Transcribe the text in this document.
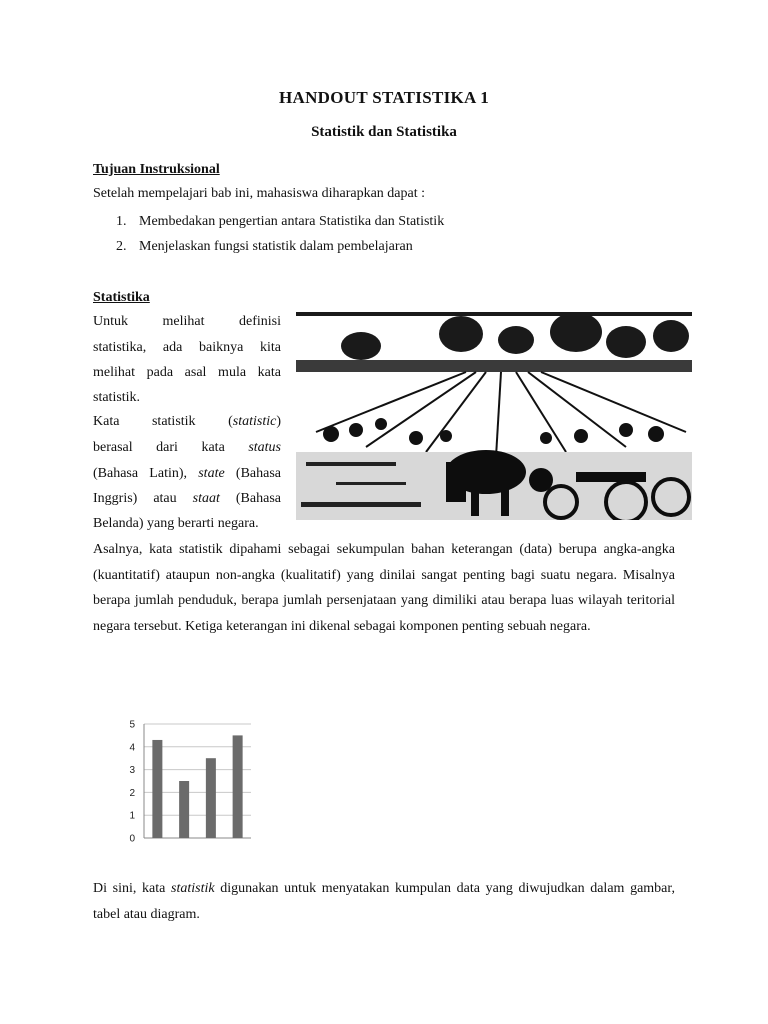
HANDOUT STATISTIKA 1
Statistik dan Statistika
Tujuan Instruksional
Setelah mempelajari bab ini, mahasiswa diharapkan dapat :
1. Membedakan pengertian antara Statistika dan Statistik
2. Menjelaskan fungsi statistik dalam pembelajaran
Statistika
Untuk melihat definisi
statistika, ada baiknya kita
melihat pada asal mula kata
statistik.
Kata statistik (statistic)
berasal dari kata status
(Bahasa Latin), state (Bahasa
Inggris) atau staat (Bahasa
Belanda) yang berarti negara.
Asalnya, kata statistik dipahami sebagai sekumpulan bahan keterangan (data) berupa angka-angka (kuantitatif) ataupun non-angka (kualitatif) yang dinilai sangat penting bagi suatu negara. Misalnya berapa jumlah penduduk, berapa jumlah persenjataan yang dimiliki atau berapa luas wilayah teritorial negara tersebut. Ketiga keterangan ini dikenal sebagai komponen penting sebuah negara.
0
1
2
3
4
5
Di sini, kata statistik digunakan untuk menyatakan kumpulan data yang diwujudkan dalam gambar, tabel atau diagram.
